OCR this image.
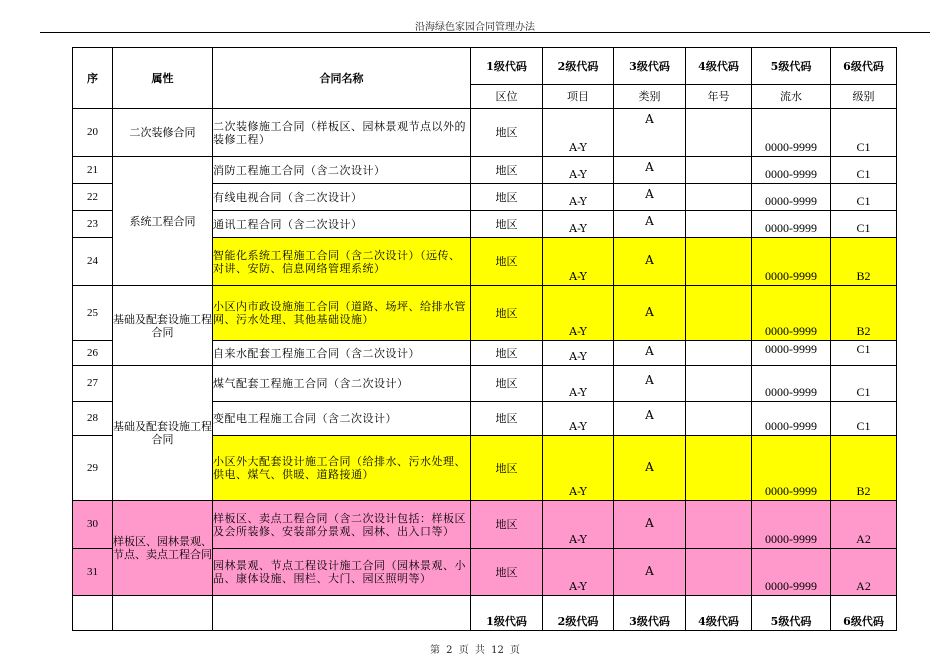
沿海绿色家园合同管理办法
序	属性	合同名称	1级代码	2级代码	3级代码	4级代码	5级代码	6级代码
			区位	项目	类别	年号	流水	级别
20	二次装修合同	二次装修施工合同（样板区、园林景观节点以外的装修工程）	地区	A-Y	A		0000-9999	C1

21	系统工程合同	消防工程施工合同（含二次设计）	地区	A-Y	A		0000-9999	C1

22		有线电视合同（含二次设计）	地区	A-Y	A		0000-9999	C1

23		通讯工程合同（含二次设计）	地区	A-Y	A		0000-9999	C1

24		智能化系统工程施工合同（含二次设计）（远传、对讲、安防、信息网络管理系统）	地区	A-Y	A		0000-9999	B2

25	基础及配套设施工程合同	小区内市政设施施工合同（道路、场坪、给排水管网、污水处理、其他基础设施）	地区	A-Y	A		0000-9999	B2

26		自来水配套工程施工合同（含二次设计）	地区	A-Y	A		0000-9999	C1

27	基础及配套设施工程合同	煤气配套工程施工合同（含二次设计）	地区	A-Y	A		0000-9999	C1

28		变配电工程施工合同（含二次设计）	地区	A-Y	A		0000-9999	C1

29		小区外大配套设计施工合同（给排水、污水处理、供电、煤气、供暖、道路接通）	地区	A-Y	A		0000-9999	B2

30	样板区、园林景观、节点、卖点工程合同	样板区、卖点工程合同（含二次设计包括：样板区及会所装修、安装部分景观、园林、出入口等）	地区	A-Y	A		0000-9999	A2

31		园林景观、节点工程设计施工合同（园林景观、小品、康体设施、围栏、大门、园区照明等）	地区	A-Y	A		0000-9999	A2

			1级代码	2级代码	3级代码	4级代码	5级代码	6级代码
第 2 页 共 12 页
